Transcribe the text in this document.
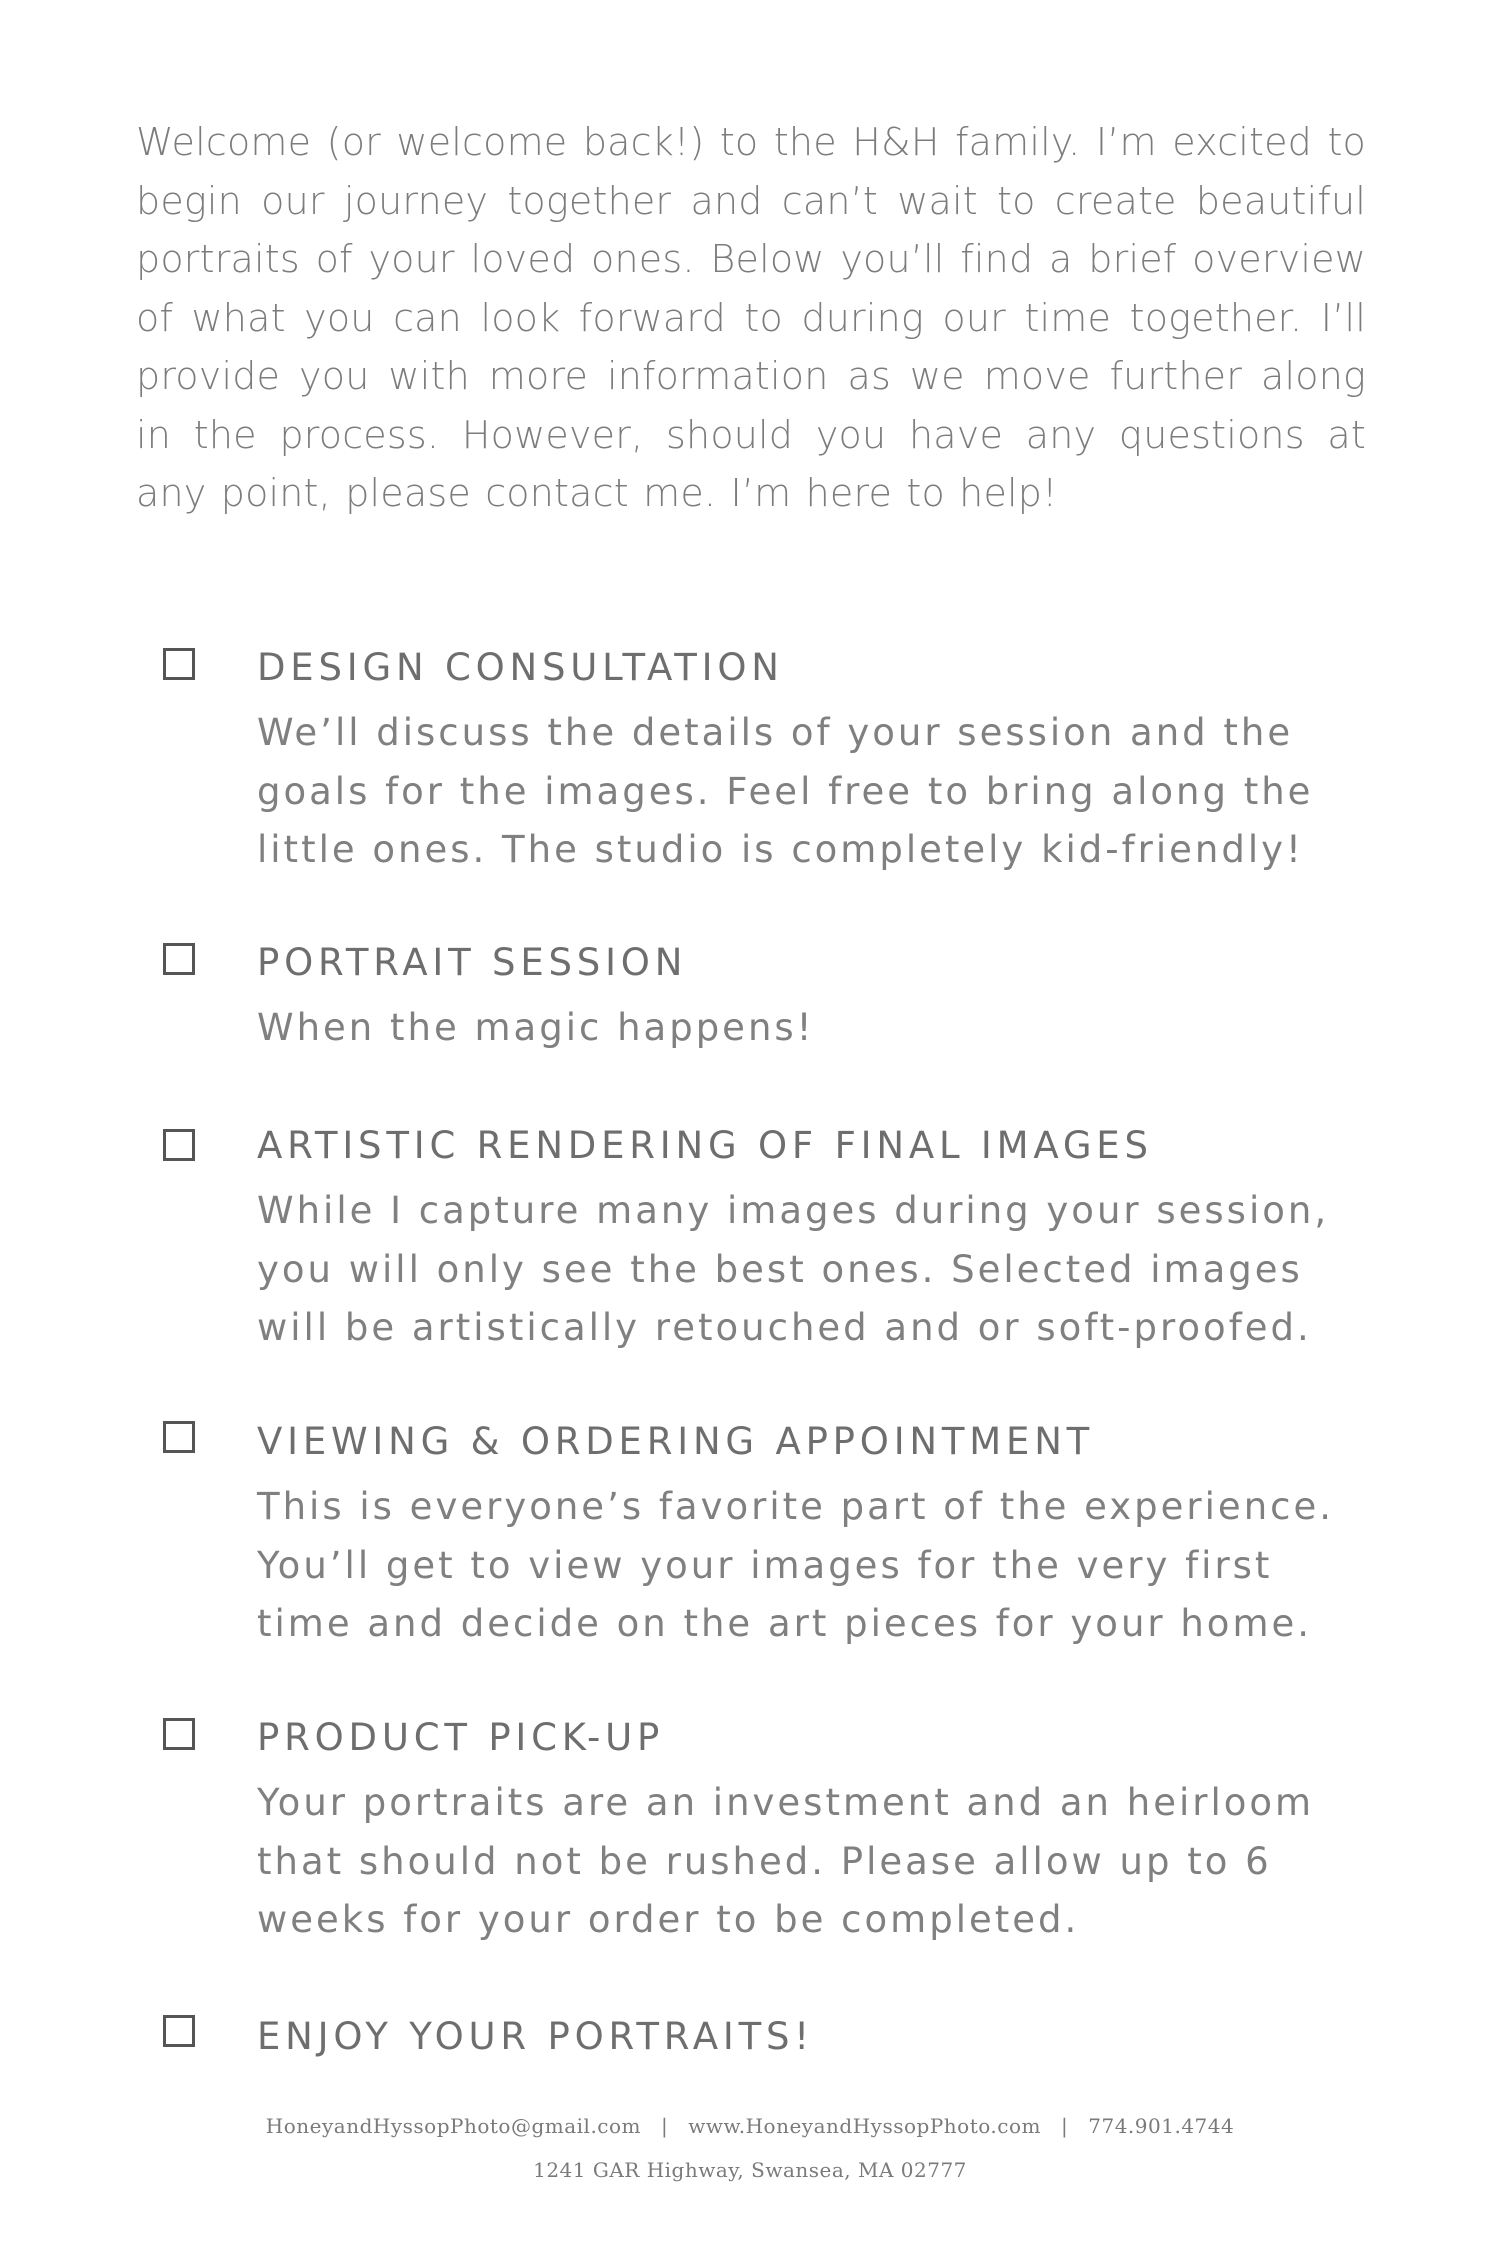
Welcome (or welcome back!) to the H&H family. I’m excited to begin our journey together and can’t wait to create beautiful portraits of your loved ones. Below you’ll find a brief overview of what you can look forward to during our time together. I’ll provide you with more information as we move further along in the process. However, should you have any questions at any point, please contact me. I’m here to help!
DESIGN CONSULTATION
We’ll discuss the details of your session and the
goals for the images. Feel free to bring along the
little ones. The studio is completely kid-friendly!
PORTRAIT SESSION
When the magic happens!
ARTISTIC RENDERING OF FINAL IMAGES
While I capture many images during your session,
you will only see the best ones. Selected images
will be artistically retouched and or soft-proofed.
VIEWING & ORDERING APPOINTMENT
This is everyone’s favorite part of the experience.
You’ll get to view your images for the very first
time and decide on the art pieces for your home.
PRODUCT PICK-UP
Your portraits are an investment and an heirloom
that should not be rushed. Please allow up to 6
weeks for your order to be completed.
ENJOY YOUR PORTRAITS!
HoneyandHyssopPhoto@gmail.com | www.HoneyandHyssopPhoto.com | 774.901.4744
1241 GAR Highway, Swansea, MA 02777
